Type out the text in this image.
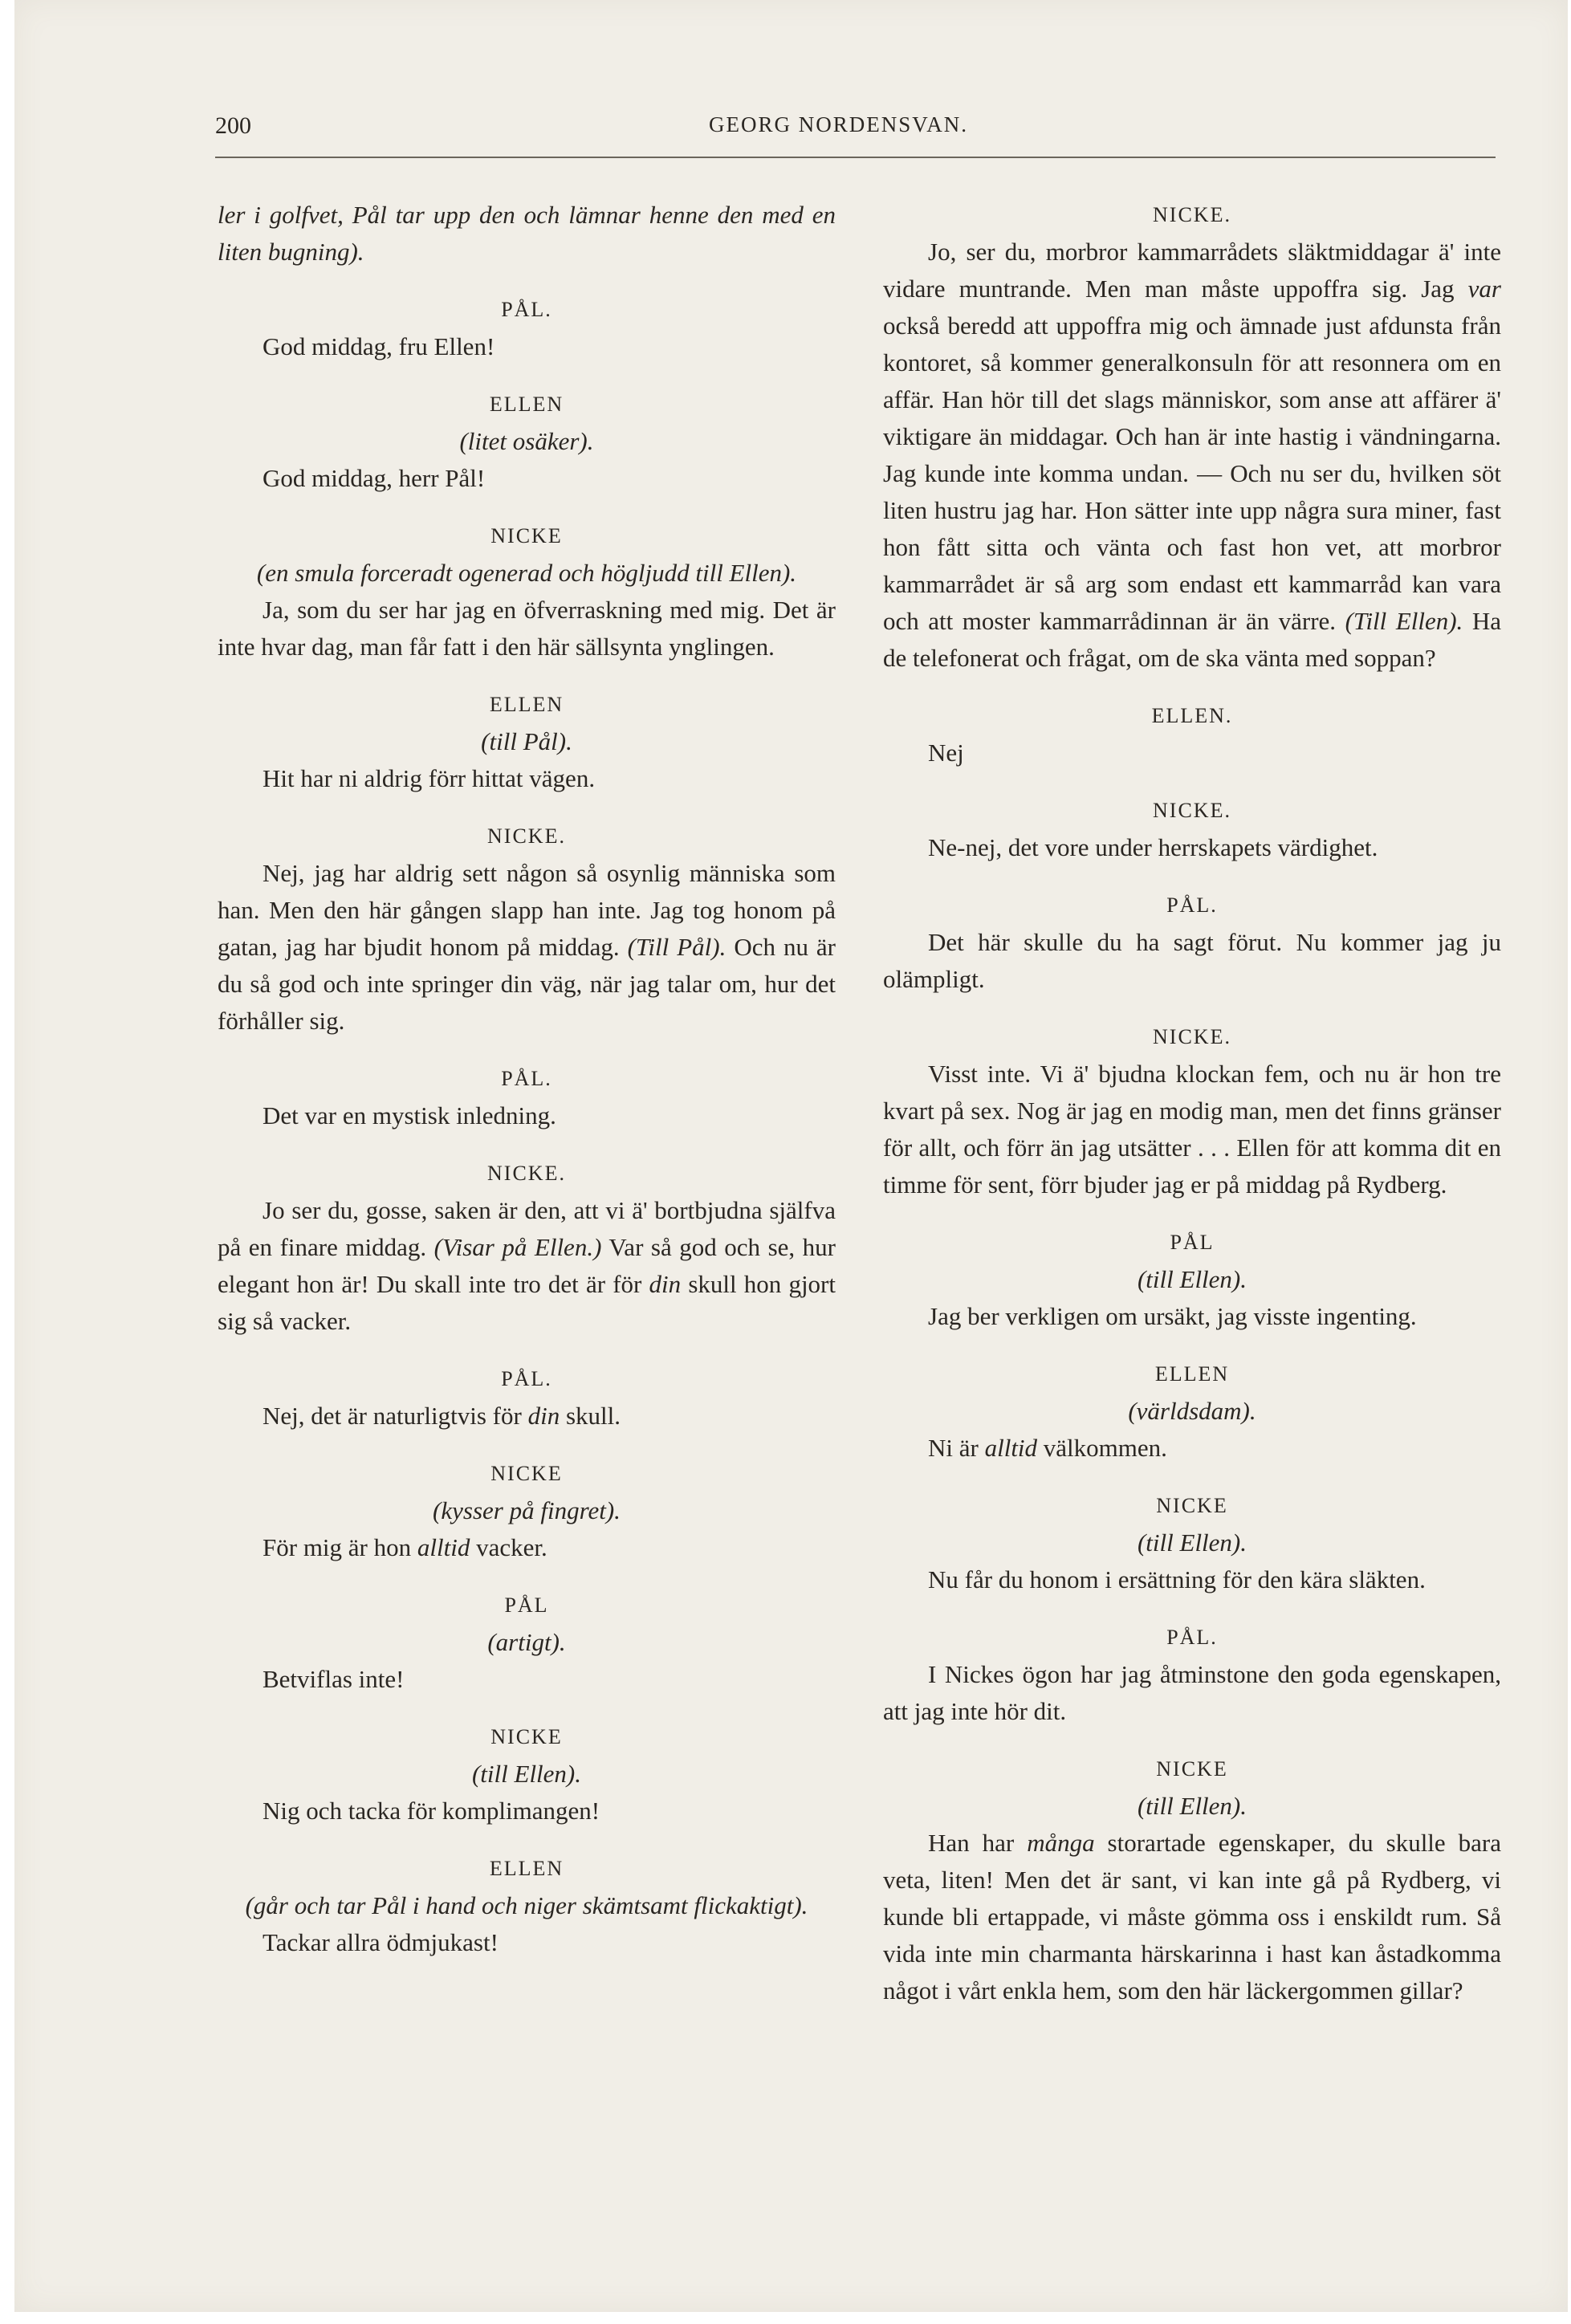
200	GEORG NORDENSVAN.

ler i golfvet, Pål tar upp den och lämnar henne den med en liten bugning).

PÅL.

God middag, fru Ellen!

ELLEN
(litet osäker).

God middag, herr Pål!

NICKE
(en smula forceradt ogenerad och högljudd till Ellen).

Ja, som du ser har jag en öfverraskning med mig. Det är inte hvar dag, man får fatt i den här sällsynta ynglingen.

ELLEN
(till Pål).

Hit har ni aldrig förr hittat vägen.

NICKE.

Nej, jag har aldrig sett någon så osynlig människa som han. Men den här gången slapp han inte. Jag tog honom på gatan, jag har bjudit honom på middag. (Till Pål). Och nu är du så god och inte springer din väg, när jag talar om, hur det förhåller sig.

PÅL.

Det var en mystisk inledning.

NICKE.

Jo ser du, gosse, saken är den, att vi ä' bortbjudna själfva på en finare middag. (Visar på Ellen.) Var så god och se, hur elegant hon är! Du skall inte tro det är för din skull hon gjort sig så vacker.

PÅL.

Nej, det är naturligtvis för din skull.

NICKE
(kysser på fingret).

För mig är hon alltid vacker.

PÅL
(artigt).

Betviflas inte!

NICKE
(till Ellen).

Nig och tacka för komplimangen!

ELLEN
(går och tar Pål i hand och niger skämtsamt flickaktigt).

Tackar allra ödmjukast!

NICKE.

Jo, ser du, morbror kammarrådets släktmiddagar ä' inte vidare muntrande. Men man måste uppoffra sig. Jag var också beredd att uppoffra mig och ämnade just afdunsta från kontoret, så kommer generalkonsuln för att resonnera om en affär. Han hör till det slags människor, som anse att affärer ä' viktigare än middagar. Och han är inte hastig i vändningarna. Jag kunde inte komma undan. — Och nu ser du, hvilken söt liten hustru jag har. Hon sätter inte upp några sura miner, fast hon fått sitta och vänta och fast hon vet, att morbror kammarrådet är så arg som endast ett kammarråd kan vara och att moster kammarrådinnan är än värre. (Till Ellen). Ha de telefonerat och frågat, om de ska vänta med soppan?

ELLEN.

Nej

NICKE.

Ne-nej, det vore under herrskapets värdighet.

PÅL.

Det här skulle du ha sagt förut. Nu kommer jag ju olämpligt.

NICKE.

Visst inte. Vi ä' bjudna klockan fem, och nu är hon tre kvart på sex. Nog är jag en modig man, men det finns gränser för allt, och förr än jag utsätter . . . Ellen för att komma dit en timme för sent, förr bjuder jag er på middag på Rydberg.

PÅL
(till Ellen).

Jag ber verkligen om ursäkt, jag visste ingenting.

ELLEN
(världsdam).

Ni är alltid välkommen.

NICKE
(till Ellen).

Nu får du honom i ersättning för den kära släkten.

PÅL.

I Nickes ögon har jag åtminstone den goda egenskapen, att jag inte hör dit.

NICKE
(till Ellen).

Han har många storartade egenskaper, du skulle bara veta, liten! Men det är sant, vi kan inte gå på Rydberg, vi kunde bli ertappade, vi måste gömma oss i enskildt rum. Så vida inte min charmanta härskarinna i hast kan åstadkomma något i vårt enkla hem, som den här läckergommen gillar?
